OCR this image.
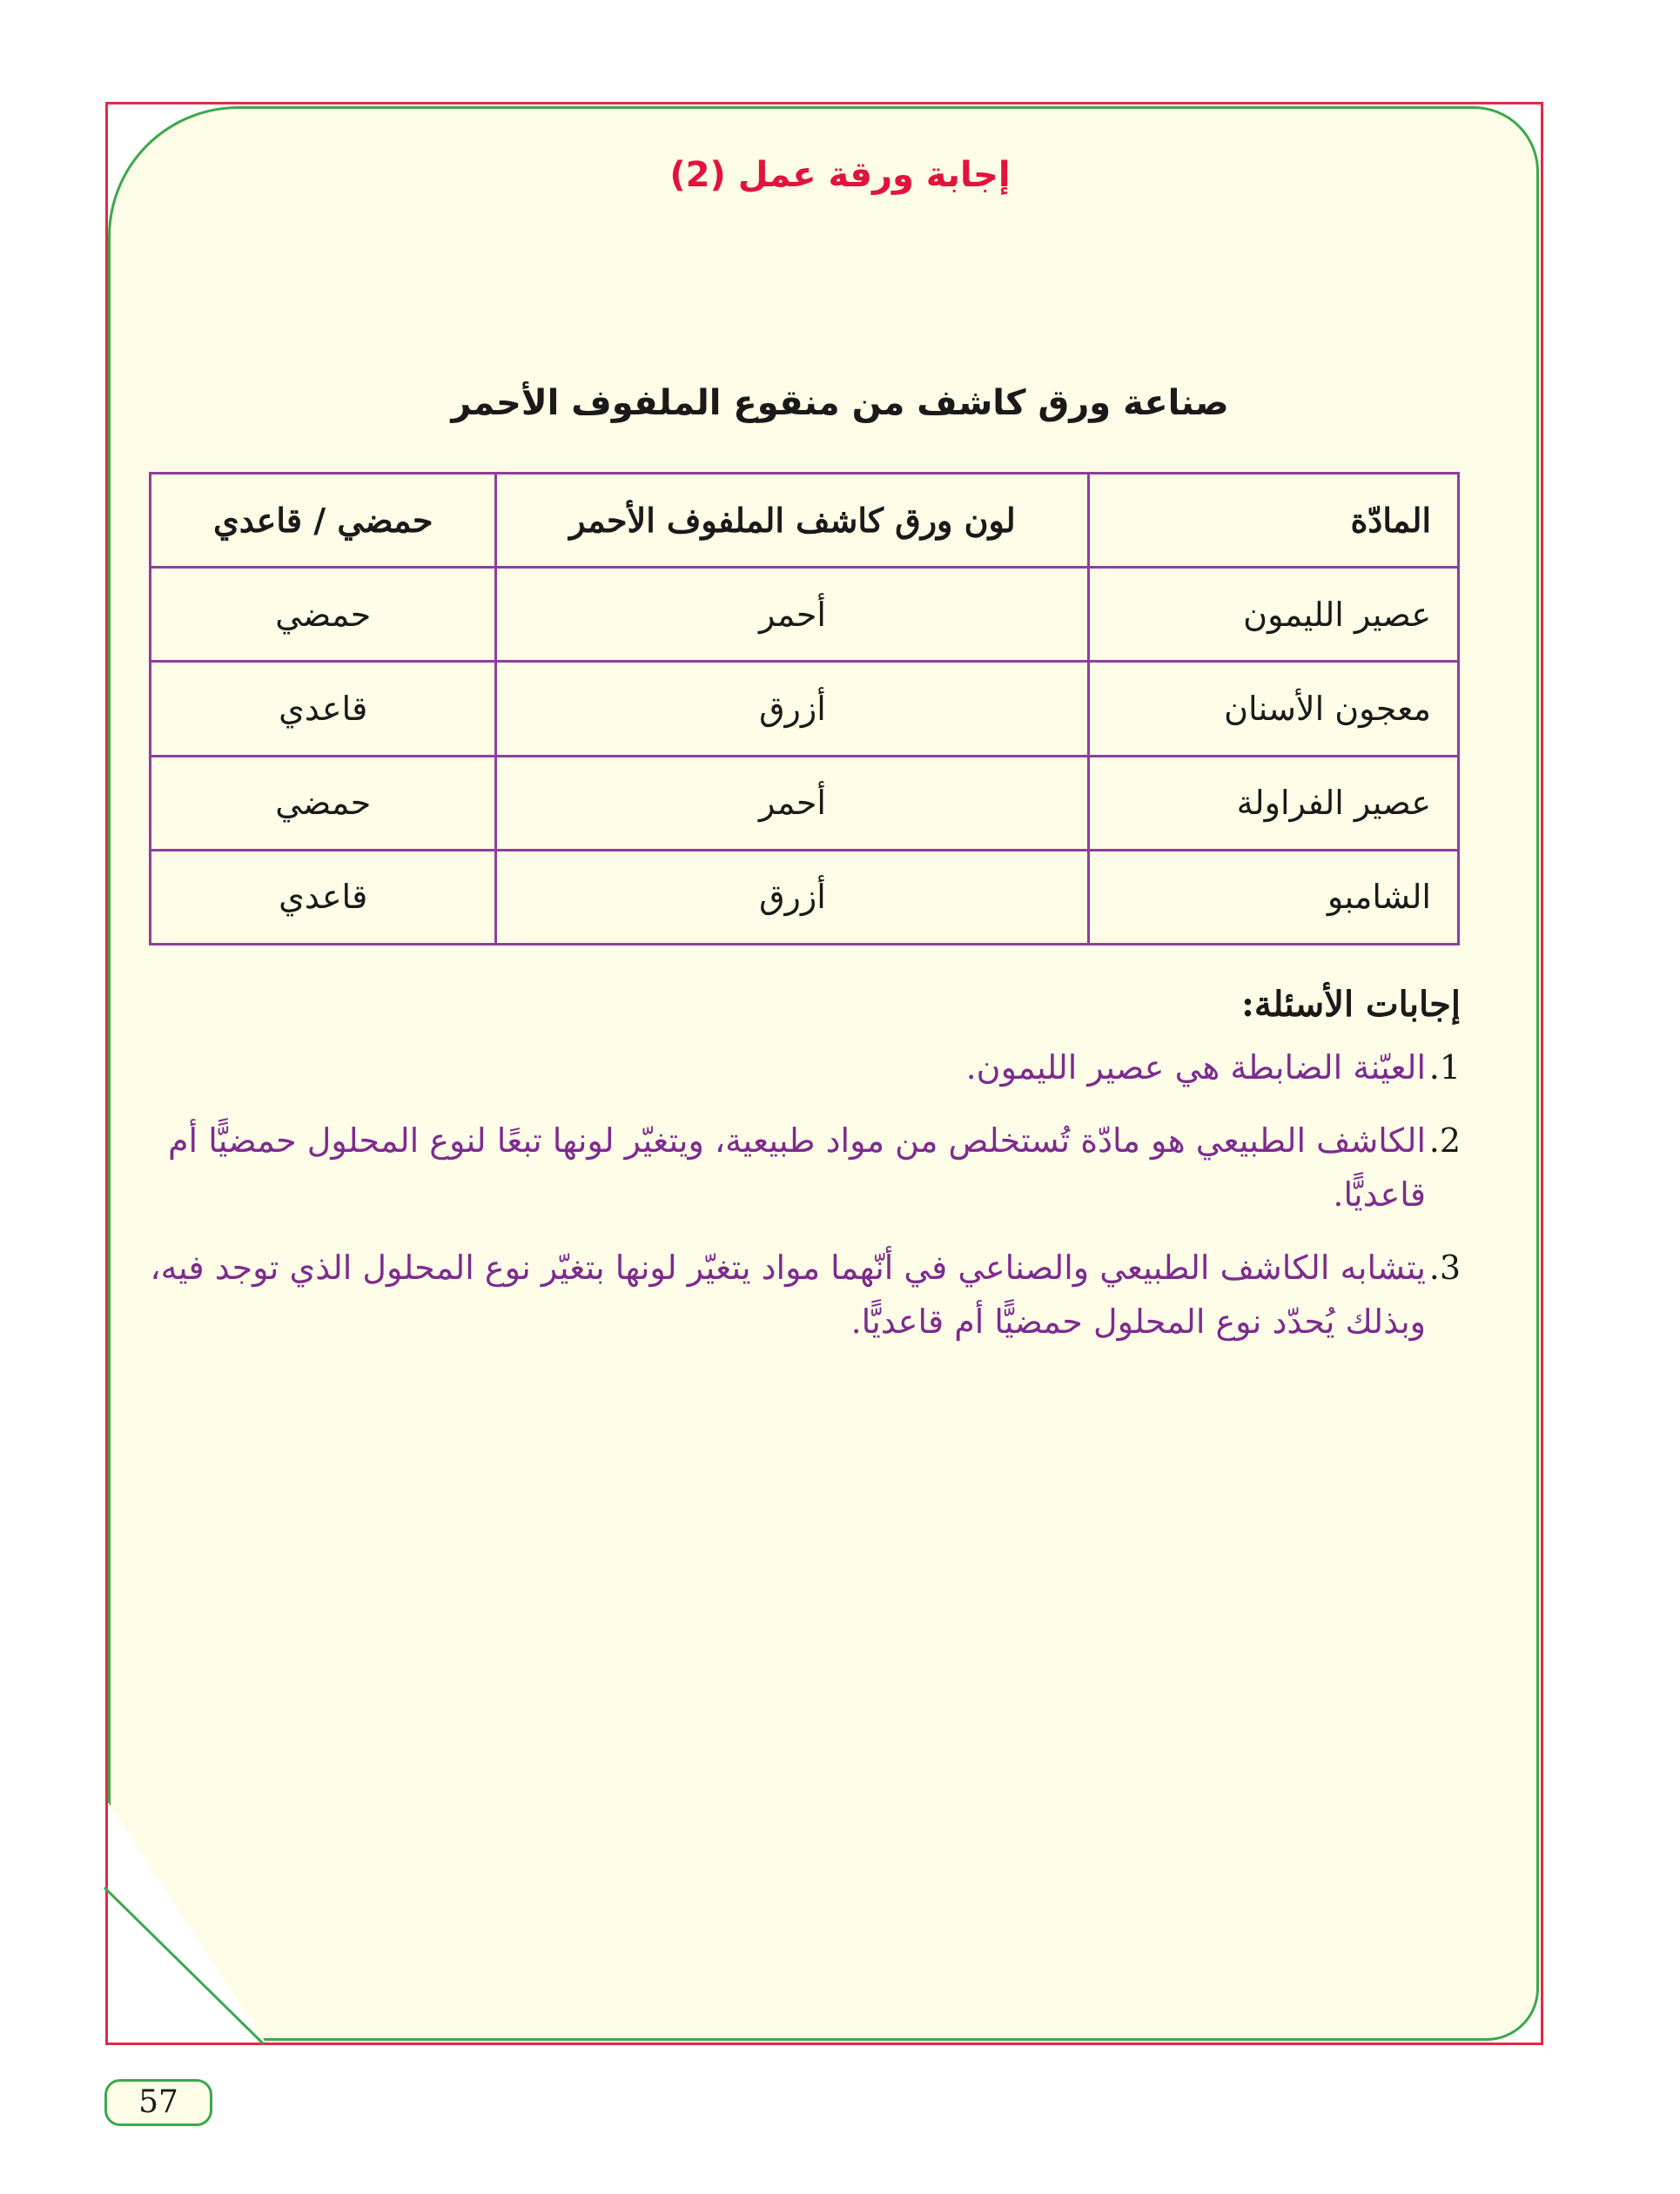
إجابة ورقة عمل (2)
صناعة ورق كاشف من منقوع الملفوف الأحمر
المادّة	لون ورق كاشف الملفوف الأحمر	حمضي / قاعدي
عصير الليمون	أحمر	حمضي
معجون الأسنان	أزرق	قاعدي
عصير الفراولة	أحمر	حمضي
الشامبو	أزرق	قاعدي
إجابات الأسئلة:
1.
العيّنة الضابطة هي عصير الليمون.
2.
الكاشف الطبيعي هو مادّة تُستخلص من مواد طبيعية، ويتغيّر لونها تبعًا لنوع المحلول حمضيًّا أم قاعديًّا.
3.
يتشابه الكاشف الطبيعي والصناعي في أنّهما مواد يتغيّر لونها بتغيّر نوع المحلول الذي توجد فيه، وبذلك يُحدّد نوع المحلول حمضيًّا أم قاعديًّا.
57
